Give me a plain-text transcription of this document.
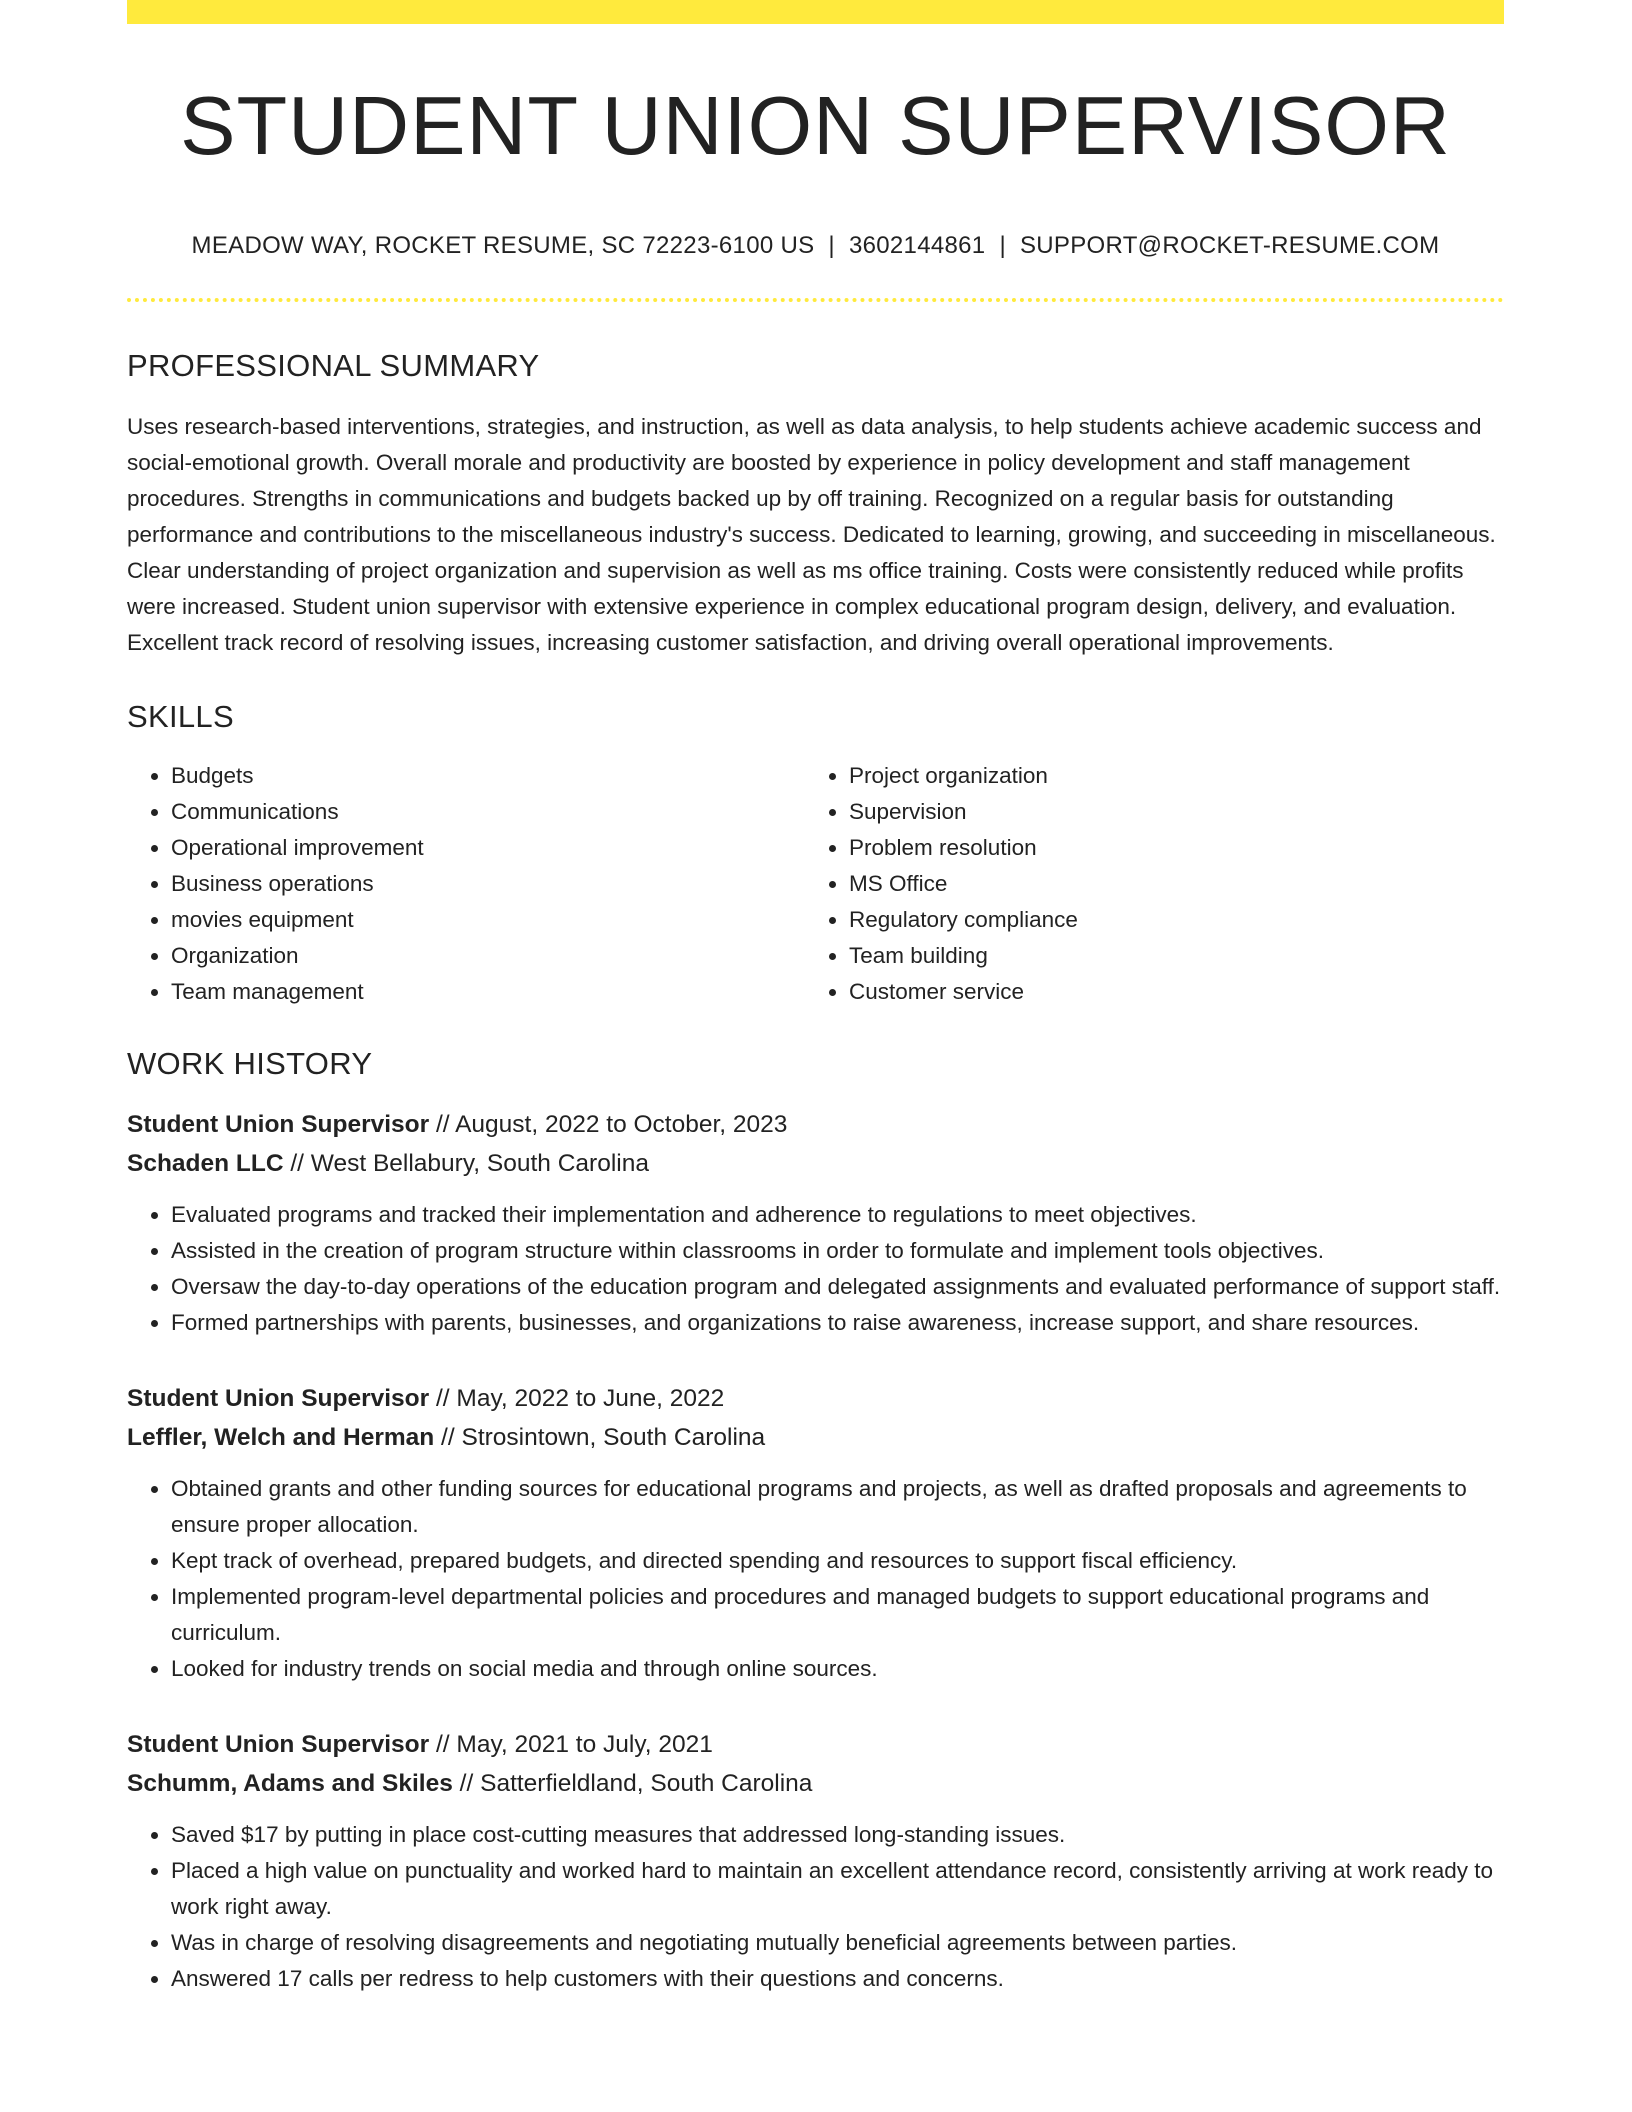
STUDENT UNION SUPERVISOR
MEADOW WAY, ROCKET RESUME, SC 72223-6100 US | 3602144861 | SUPPORT@ROCKET-RESUME.COM
PROFESSIONAL SUMMARY
Uses research-based interventions, strategies, and instruction, as well as data analysis, to help students achieve academic success and social-emotional growth. Overall morale and productivity are boosted by experience in policy development and staff management procedures. Strengths in communications and budgets backed up by off training. Recognized on a regular basis for outstanding performance and contributions to the miscellaneous industry's success. Dedicated to learning, growing, and succeeding in miscellaneous. Clear understanding of project organization and supervision as well as ms office training. Costs were consistently reduced while profits were increased. Student union supervisor with extensive experience in complex educational program design, delivery, and evaluation. Excellent track record of resolving issues, increasing customer satisfaction, and driving overall operational improvements.
SKILLS
• Budgets
• Communications
• Operational improvement
• Business operations
• movies equipment
• Organization
• Team management
• Project organization
• Supervision
• Problem resolution
• MS Office
• Regulatory compliance
• Team building
• Customer service
WORK HISTORY
Student Union Supervisor // August, 2022 to October, 2023
Schaden LLC // West Bellabury, South Carolina
• Evaluated programs and tracked their implementation and adherence to regulations to meet objectives.
• Assisted in the creation of program structure within classrooms in order to formulate and implement tools objectives.
• Oversaw the day-to-day operations of the education program and delegated assignments and evaluated performance of support staff.
• Formed partnerships with parents, businesses, and organizations to raise awareness, increase support, and share resources.
Student Union Supervisor // May, 2022 to June, 2022
Leffler, Welch and Herman // Strosintown, South Carolina
• Obtained grants and other funding sources for educational programs and projects, as well as drafted proposals and agreements to ensure proper allocation.
• Kept track of overhead, prepared budgets, and directed spending and resources to support fiscal efficiency.
• Implemented program-level departmental policies and procedures and managed budgets to support educational programs and curriculum.
• Looked for industry trends on social media and through online sources.
Student Union Supervisor // May, 2021 to July, 2021
Schumm, Adams and Skiles // Satterfieldland, South Carolina
• Saved $17 by putting in place cost-cutting measures that addressed long-standing issues.
• Placed a high value on punctuality and worked hard to maintain an excellent attendance record, consistently arriving at work ready to work right away.
• Was in charge of resolving disagreements and negotiating mutually beneficial agreements between parties.
• Answered 17 calls per redress to help customers with their questions and concerns.
